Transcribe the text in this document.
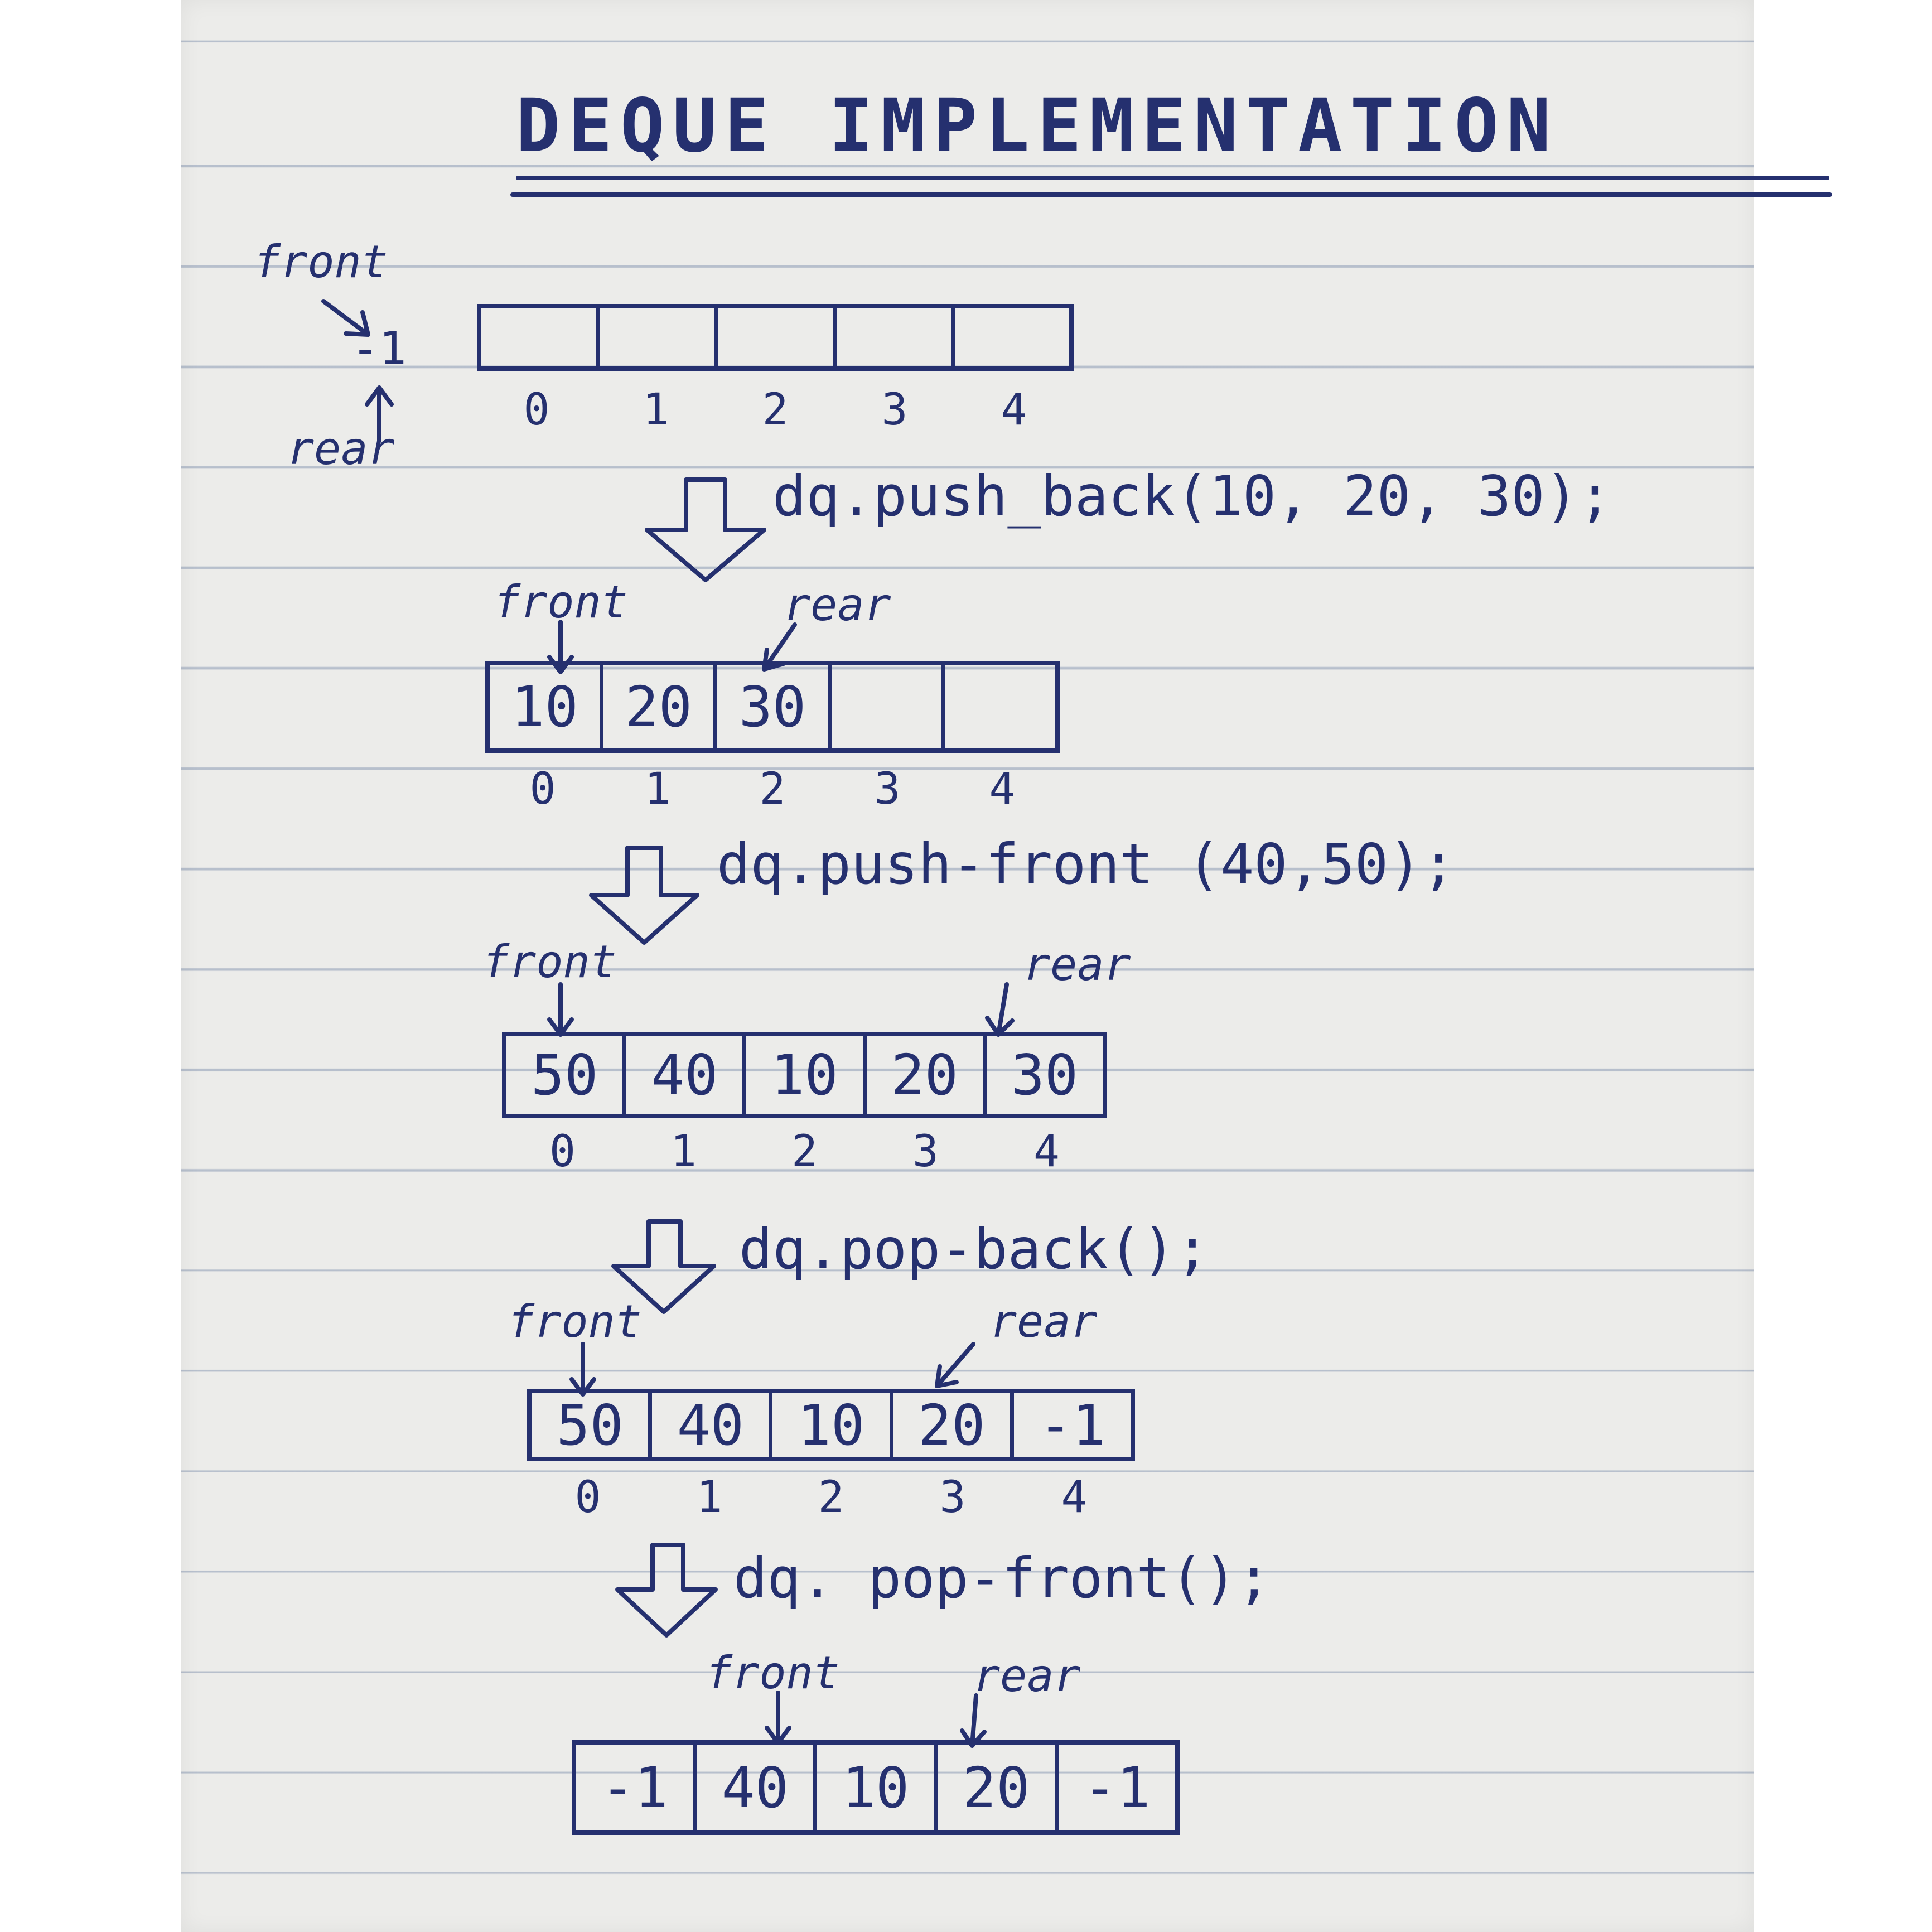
DEQUE IMPLEMENTATION
front
-1
rear
0	1	2	3	4
dq.push_back(10, 20, 30);
front	rear
10 20 30
0	1	2	3	4
dq.push-front (40,50);
front	rear
50 40 10 20 30
0	1	2	3	4
dq.pop-back();
front	rear
50 40 10 20 -1
0	1	2	3	4
dq. pop-front();
front	rear
-1 40 10 20 -1
